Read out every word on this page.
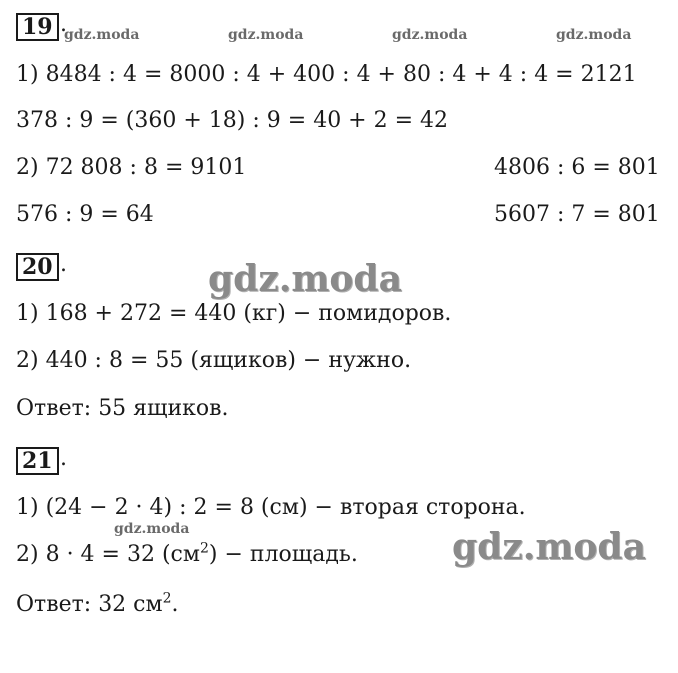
19 .
gdz.moda	gdz.moda	gdz.moda	gdz.moda
1) 8484 : 4 = 8000 : 4 + 400 : 4 + 80 : 4 + 4 : 4 = 2121
378 : 9 = (360 + 18) : 9 = 40 + 2 = 42
2) 72 808 : 8 = 9101	4806 : 6 = 801
576 : 9 = 64	5607 : 7 = 801
20 .	gdz.moda
1) 168 + 272 = 440 (кг) − помидоров.
2) 440 : 8 = 55 (ящиков) − нужно.
Ответ: 55 ящиков.
21 .
1) (24 − 2 · 4) : 2 = 8 (см) − вторая сторона.
gdz.moda
2) 8 · 4 = 32 $(см^2)$ − площадь.	gdz.moda
Ответ: 32 $см^2$.
